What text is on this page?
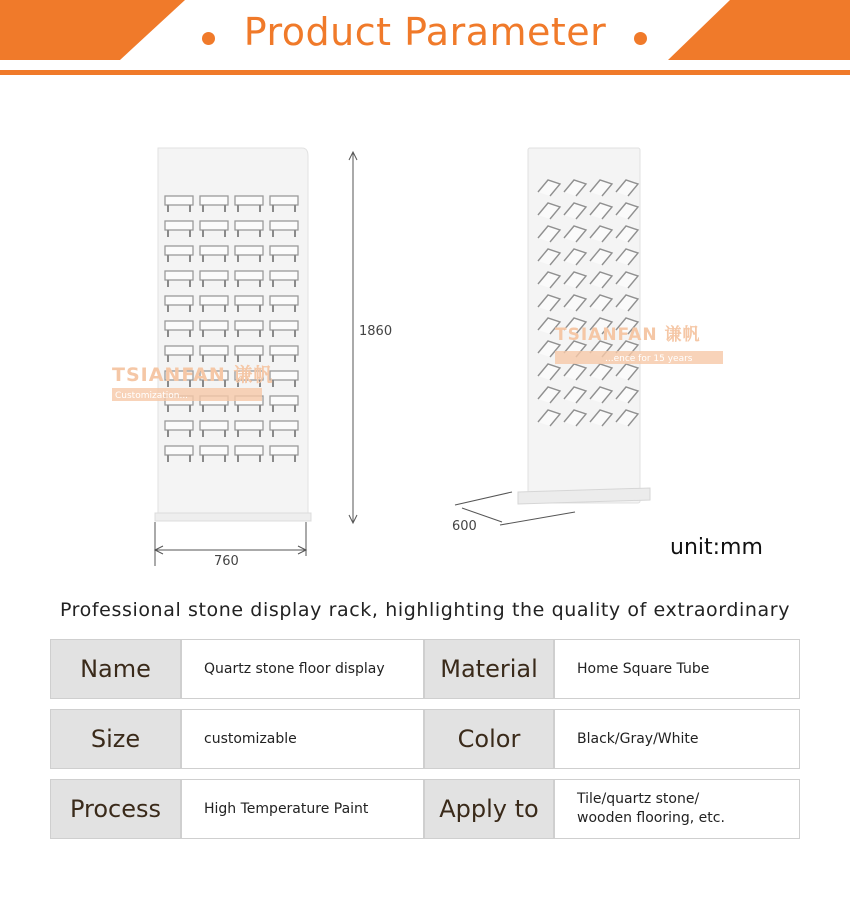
Product Parameter
1860
760
TSIANFAN 谦帆
Customization...
600
TSIANFAN 谦帆
...ence for 15 years
unit:mm
Professional stone display rack, highlighting the quality of extraordinary
Name	Quartz stone floor display	Material	Home Square Tube
Size	customizable	Color	Black/Gray/White
Process	High Temperature Paint	Apply to	Tile/quartz stone/
wooden flooring, etc.
